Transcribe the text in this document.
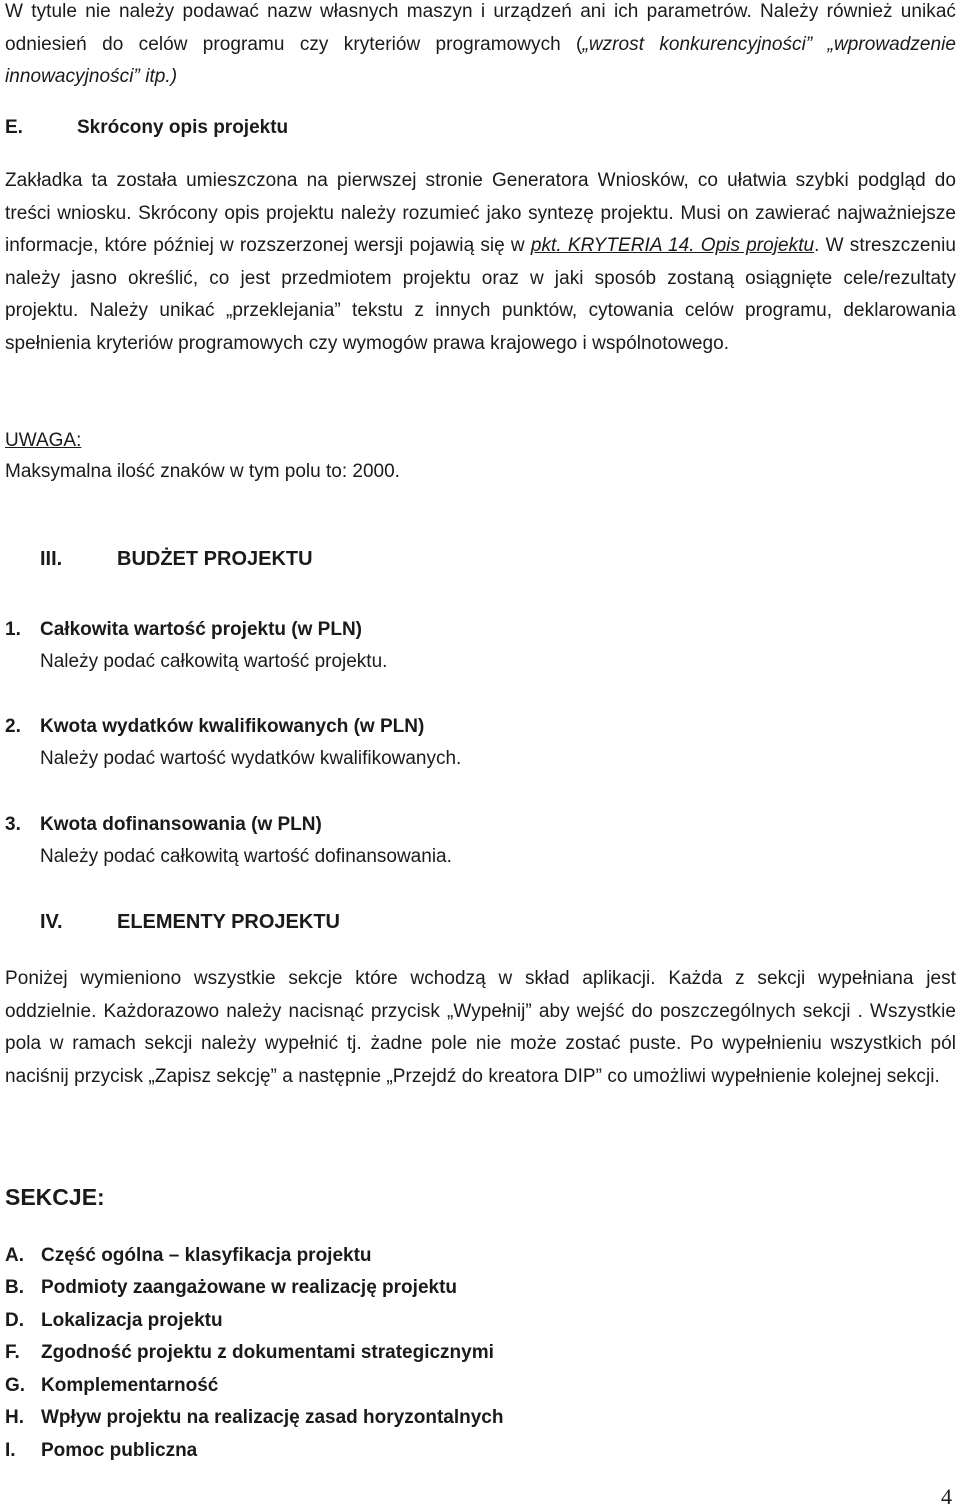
W tytule nie należy podawać nazw własnych maszyn i urządzeń ani ich parametrów. Należy również unikać odniesień do celów programu czy kryteriów programowych („wzrost konkurencyjności” „wprowadzenie innowacyjności” itp.)
E.	Skrócony opis projektu
Zakładka ta została umieszczona na pierwszej stronie Generatora Wniosków, co ułatwia szybki podgląd do treści wniosku. Skrócony opis projektu należy rozumieć jako syntezę projektu. Musi on zawierać najważniejsze informacje, które później w rozszerzonej wersji pojawią się w pkt. KRYTERIA 14. Opis projektu. W streszczeniu należy jasno określić, co jest przedmiotem projektu oraz w jaki sposób zostaną osiągnięte cele/rezultaty projektu. Należy unikać „przeklejania” tekstu z innych punktów, cytowania celów programu, deklarowania spełnienia kryteriów programowych czy wymogów prawa krajowego i wspólnotowego.
UWAGA:
Maksymalna ilość znaków w tym polu to: 2000.
III.	BUDŻET PROJEKTU
1. Całkowita wartość projektu (w PLN)
Należy podać całkowitą wartość projektu.
2. Kwota wydatków kwalifikowanych (w PLN)
Należy podać wartość wydatków kwalifikowanych.
3. Kwota dofinansowania (w PLN)
Należy podać całkowitą wartość dofinansowania.
IV.	ELEMENTY PROJEKTU
Poniżej wymieniono wszystkie sekcje które wchodzą w skład aplikacji. Każda z sekcji wypełniana jest oddzielnie. Każdorazowo należy nacisnąć przycisk „Wypełnij” aby wejść do poszczególnych sekcji . Wszystkie pola w ramach sekcji należy wypełnić tj. żadne pole nie może zostać puste. Po wypełnieniu wszystkich pól naciśnij przycisk „Zapisz sekcję” a następnie „Przejdź do kreatora DIP” co umożliwi wypełnienie kolejnej sekcji.
SEKCJE:
A. Część ogólna – klasyfikacja projektu
B. Podmioty zaangażowane w realizację projektu
D. Lokalizacja projektu
F. Zgodność projektu z dokumentami strategicznymi
G. Komplementarność
H. Wpływ projektu na realizację zasad horyzontalnych
I. Pomoc publiczna
4
